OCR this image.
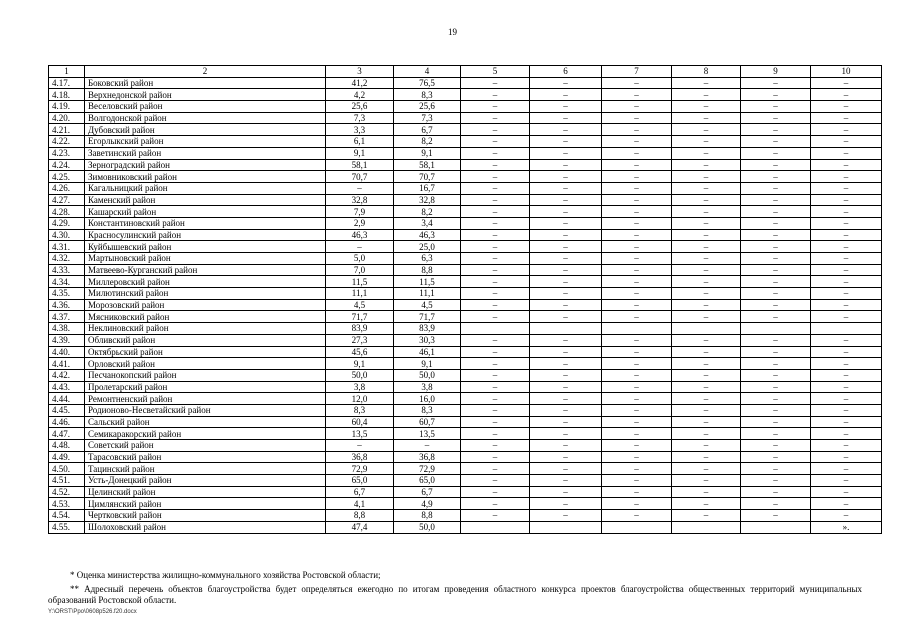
19
1	2	3	4	5	6	7	8	9	10
4.17.	Боковский район	41,2	76,5	–	–	–	–	–	–
4.18.	Верхнедонской район	4,2	8,3	–	–	–	–	–	–
4.19.	Веселовский район	25,6	25,6	–	–	–	–	–	–
4.20.	Волгодонской район	7,3	7,3	–	–	–	–	–	–
4.21.	Дубовский район	3,3	6,7	–	–	–	–	–	–
4.22.	Егорлыкский район	6,1	8,2	–	–	–	–	–	–
4.23.	Заветинский район	9,1	9,1	–	–	–	–	–	–
4.24.	Зерноградский район	58,1	58,1	–	–	–	–	–	–
4.25.	Зимовниковский район	70,7	70,7	–	–	–	–	–	–
4.26.	Кагальницкий район	–	16,7	–	–	–	–	–	–
4.27.	Каменский район	32,8	32,8	–	–	–	–	–	–
4.28.	Кашарский район	7,9	8,2	–	–	–	–	–	–
4.29.	Константиновский район	2,9	3,4	–	–	–	–	–	–
4.30.	Красносулинский район	46,3	46,3	–	–	–	–	–	–
4.31.	Куйбышевский район	–	25,0	–	–	–	–	–	–
4.32.	Мартыновский район	5,0	6,3	–	–	–	–	–	–
4.33.	Матвеево-Курганский район	7,0	8,8	–	–	–	–	–	–
4.34.	Миллеровский район	11,5	11,5	–	–	–	–	–	–
4.35.	Милютинский район	11,1	11,1	–	–	–	–	–	–
4.36.	Морозовский район	4,5	4,5	–	–	–	–	–	–
4.37.	Мясниковский район	71,7	71,7	–	–	–	–	–	–
4.38.	Неклиновский район	83,9	83,9						
4.39.	Обливский район	27,3	30,3	–	–	–	–	–	–
4.40.	Октябрьский район	45,6	46,1	–	–	–	–	–	–
4.41.	Орловский район	9,1	9,1	–	–	–	–	–	–
4.42.	Песчанокопский район	50,0	50,0	–	–	–	–	–	–
4.43.	Пролетарский район	3,8	3,8	–	–	–	–	–	–
4.44.	Ремонтненский район	12,0	16,0	–	–	–	–	–	–
4.45.	Родионово-Несветайский район	8,3	8,3	–	–	–	–	–	–
4.46.	Сальский район	60,4	60,7	–	–	–	–	–	–
4.47.	Семикаракорский район	13,5	13,5	–	–	–	–	–	–
4.48.	Советский район	–	–	–	–	–	–	–	–
4.49.	Тарасовский район	36,8	36,8	–	–	–	–	–	–
4.50.	Тацинский район	72,9	72,9	–	–	–	–	–	–
4.51.	Усть-Донецкий район	65,0	65,0	–	–	–	–	–	–
4.52.	Целинский район	6,7	6,7	–	–	–	–	–	–
4.53.	Цимлянский район	4,1	4,9	–	–	–	–	–	–
4.54.	Чертковский район	8,8	8,8	–	–	–	–	–	–
4.55.	Шолоховский район	47,4	50,0						».
* Оценка министерства жилищно-коммунального хозяйства Ростовской области;
** Адресный перечень объектов благоустройства будет определяться ежегодно по итогам проведения областного конкурса проектов благоустройства общественных территорий муниципальных образований Ростовской области.
Y:\ORST\Ppo\0608p526.f20.docx
